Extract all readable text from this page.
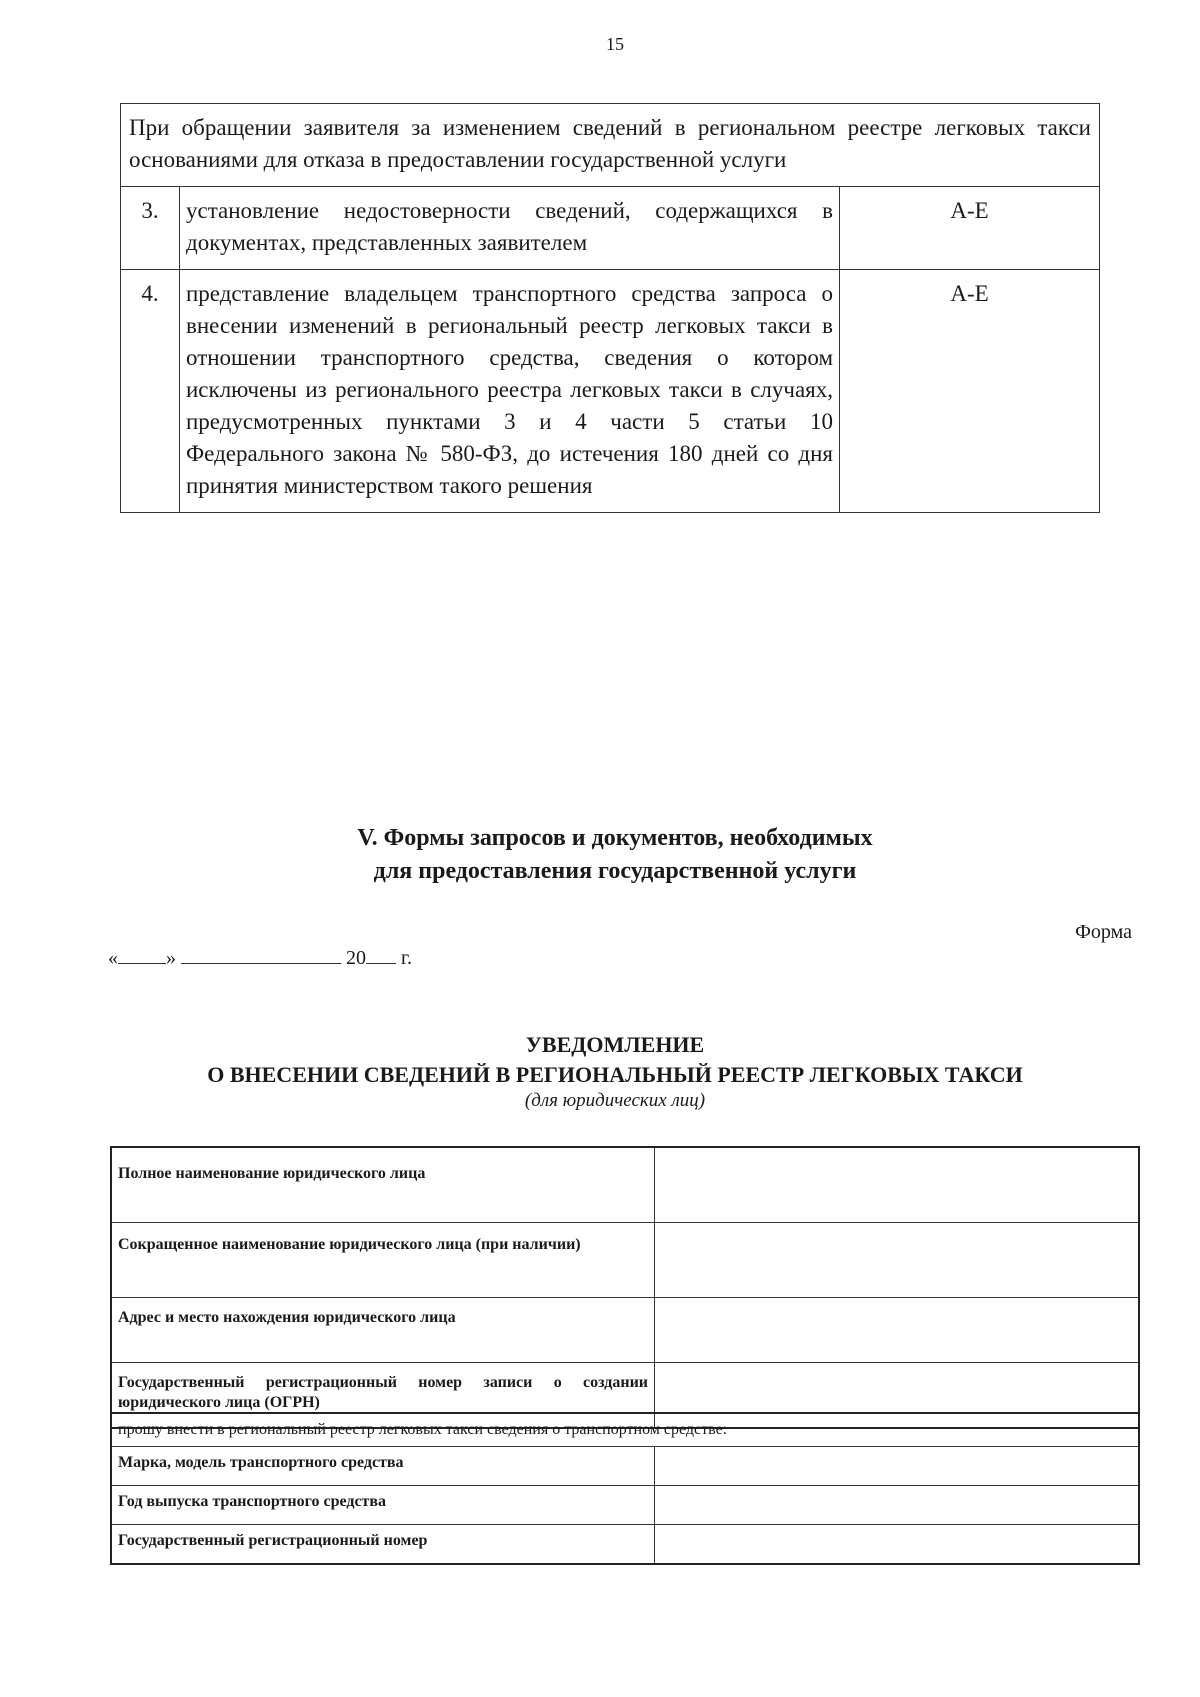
15
При обращении заявителя за изменением сведений в региональном реестре легковых такси основаниями для отказа в предоставлении государственной услуги		
3.	установление недостоверности сведений, содержащихся в документах, представленных заявителем	А-Е
4.	представление владельцем транспортного средства запроса о внесении изменений в региональный реестр легковых такси в отношении транспортного средства, сведения о котором исключены из регионального реестра легковых такси в случаях, предусмотренных пунктами 3 и 4 части 5 статьи 10 Федерального закона № 580-ФЗ, до истечения 180 дней со дня принятия министерством такого решения	А-Е
V. Формы запросов и документов, необходимых
для предоставления государственной услуги
Форма
« »	20 г.
УВЕДОМЛЕНИЕ
О ВНЕСЕНИИ СВЕДЕНИЙ В РЕГИОНАЛЬНЫЙ РЕЕСТР ЛЕГКОВЫХ ТАКСИ
(для юридических лиц)
Полное наименование юридического лица	
Сокращенное наименование юридического лица (при наличии)	
Адрес и место нахождения юридического лица	
Государственный регистрационный номер записи о создании юридического лица (ОГРН)	
прошу внести в региональный реестр легковых такси сведения о транспортном средстве:	
Марка, модель транспортного средства	
Год выпуска транспортного средства	
Государственный регистрационный номер	
